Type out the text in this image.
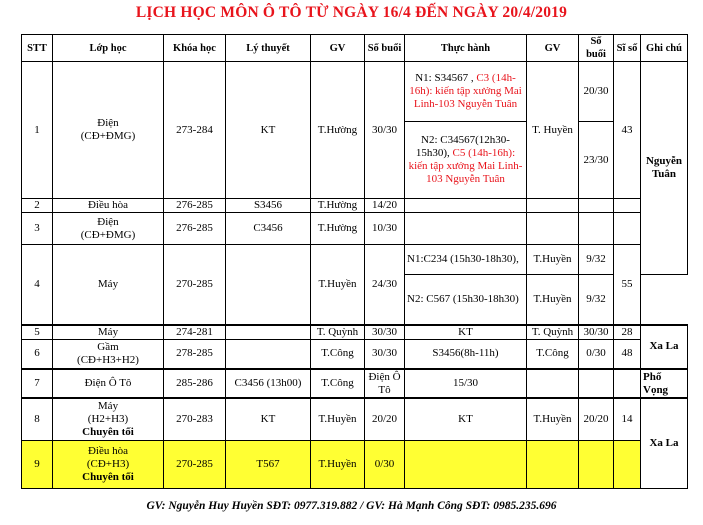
LỊCH HỌC MÔN Ô TÔ TỪ NGÀY 16/4 ĐẾN NGÀY 20/4/2019
STT	Lớp học	Khóa học	Lý thuyết	GV	Số buổi	Thực hành	GV	Số buổi	Sĩ số	Ghi chú
1	Điện
(CĐ+ĐMG)	273-284	KT	T.Hường	30/30	N1: S34567 , C3 (14h-16h): kiến tập xưởng Mai Linh-103 Nguyễn Tuân	T. Huyền	20/30	43	Nguyễn Tuân
						N2: C34567(12h30-15h30), C5 (14h-16h): kiến tập xưởng Mai Linh-103 Nguyễn Tuân		23/30		
2	Điều hòa	276-285	S3456	T.Hường	14/20					
3	Điện
(CĐ+ĐMG)	276-285	C3456	T.Hường	10/30					
4	Máy	270-285		T.Huyền	24/30	N1:C234 (15h30-18h30),	T.Huyền	9/32	55	
						N2: C567 (15h30-18h30)	T.Huyền	9/32		
5	Máy	274-281		T. Quỳnh	30/30	KT	T. Quỳnh	30/30	28	Xa La
6	Gầm
(CĐ+H3+H2)	278-285		T.Công	30/30	S3456(8h-11h)	T.Công	0/30	48	
7	Điện Ô Tô	285-286	C3456 (13h00)	T.Công	Điện Ô Tô	15/30				Phố Vọng
8	Máy
(H2+H3)
Chuyên tối	270-283	KT	T.Huyền	20/20	KT	T.Huyền	20/20	14	Xa La
9	Điều hòa
(CĐ+H3)
Chuyên tối	270-285	T567	T.Huyền	0/30					
GV: Nguyễn Huy Huyền SĐT: 0977.319.882 / GV: Hà Mạnh Công SĐT: 0985.235.696
